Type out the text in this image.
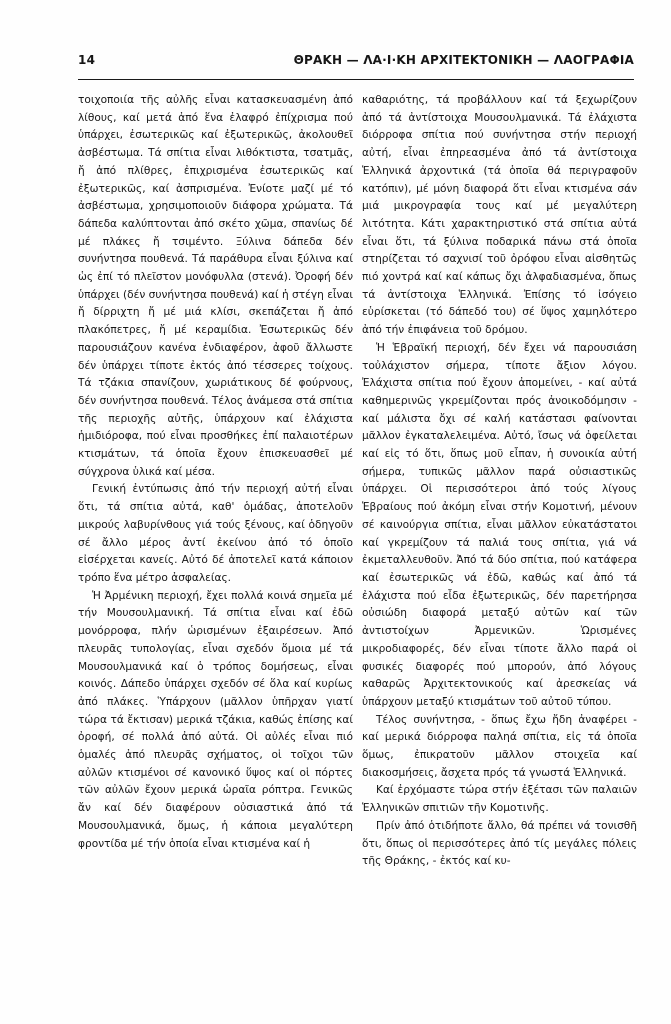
14	ΘΡΑΚΗ — ΛΑ·Ι·ΚΗ ΑΡΧΙΤΕΚΤΟΝΙΚΗ — ΛΑΟΓΡΑΦΙΑ

τοιχοποιία τῆς αὐλῆς εἶναι κατασκευασμένη ἀπό λίθους, καί μετά ἀπό ἕνα ἐλαφρό ἐπίχρισμα πού ὑπάρχει, ἐσωτερικῶς καί ἐξωτερικῶς, ἀκολουθεῖ ἀσβέστωμα. Τά σπίτια εἶναι λιθόκτιστα, τσατμᾶς, ἤ ἀπό πλίθρες, ἐπιχρισμένα ἐσωτερικῶς καί ἐξωτερικῶς, καί ἀσπρισμένα. Ἐνίοτε μαζί μέ τό ἀσβέστωμα, χρησιμοποιοῦν διάφορα χρώματα. Τά δάπεδα καλύπτονται ἀπό σκέτο χῶμα, σπανίως δέ μέ πλάκες ἤ τσιμέντο. Ξύλινα δάπεδα δέν συνήντησα πουθενά. Τά παράθυρα εἶναι ξύλινα καί ὡς ἐπί τό πλεῖστον μονόφυλλα (στενά). Ὀροφή δέν ὑπάρχει (δέν συνήντησα πουθενά) καί ἡ στέγη εἶναι ἤ δίρριχτη ἤ μέ μιά κλίσι, σκεπάζεται ἤ ἀπό πλακόπετρες, ἤ μέ κεραμίδια. Ἐσωτερικῶς δέν παρουσιάζουν κανένα ἐνδιαφέρον, ἀφοῦ ἄλλωστε δέν ὑπάρχει τίποτε ἐκτός ἀπό τέσσερες τοίχους. Τά τζάκια σπανίζουν, χωριάτικους δέ φούρνους, δέν συνήντησα πουθενά. Τέλος ἀνάμεσα στά σπίτια τῆς περιοχῆς αὐτῆς, ὑπάρχουν καί ἐλάχιστα ἡμιδιόροφα, πού εἶναι προσθήκες ἐπί παλαιοτέρων κτισμάτων, τά ὁποῖα ἔχουν ἐπισκευασθεῖ μέ σύγχρονα ὑλικά καί μέσα.

Γενική ἐντύπωσις ἀπό τήν περιοχή αὐτή εἶναι ὅτι, τά σπίτια αὐτά, καθ' ὁμάδας, ἀποτελοῦν μικρούς λαβυρίνθους γιά τούς ξένους, καί ὁδηγοῦν σέ ἄλλο μέρος ἀντί ἐκείνου ἀπό τό ὁποῖο εἰσέρχεται κανείς. Αὐτό δέ ἀποτελεῖ κατά κάποιον τρόπο ἕνα μέτρο ἀσφαλείας.

Ἡ Ἀρμένικη περιοχή, ἔχει πολλά κοινά σημεῖα μέ τήν Μουσουλμανική. Τά σπίτια εἶναι καί ἐδῶ μονόρροφα, πλήν ὡρισμένων ἐξαιρέσεων. Ἀπό πλευρᾶς τυπολογίας, εἶναι σχεδόν ὅμοια μέ τά Μουσουλμανικά καί ὁ τρόπος δομήσεως, εἶναι κοινός. Δάπεδο ὑπάρχει σχεδόν σέ ὅλα καί κυρίως ἀπό πλάκες. Ὑπάρχουν (μᾶλλον ὑπῆρχαν γιατί τώρα τά ἔκτισαν) μερικά τζάκια, καθώς ἐπίσης καί ὀροφή, σέ πολλά ἀπό αὐτά. Οἱ αὐλές εἶναι πιό ὁμαλές ἀπό πλευρᾶς σχήματος, οἱ τοῖχοι τῶν αὐλῶν κτισμένοι σέ κανονικό ὕψος καί οἱ πόρτες τῶν αὐλῶν ἔχουν μερικά ὡραῖα ρόπτρα. Γενικῶς ἄν καί δέν διαφέρουν οὐσιαστικά ἀπό τά Μουσουλμανικά, ὅμως, ἡ κάποια μεγαλύτερη φροντίδα μέ τήν ὁποία εἶναι κτισμένα καί ἡ

καθαριότης, τά προβάλλουν καί τά ξεχωρίζουν ἀπό τά ἀντίστοιχα Μουσουλμανικά. Τά ἐλάχιστα διόρροφα σπίτια πού συνήντησα στήν περιοχή αὐτή, εἶναι ἐπηρεασμένα ἀπό τά ἀντίστοιχα Ἑλληνικά ἀρχοντικά (τά ὁποῖα θά περιγραφοῦν κατόπιν), μέ μόνη διαφορά ὅτι εἶναι κτισμένα σάν μιά μικρογραφία τους καί μέ μεγαλύτερη λιτότητα. Κάτι χαρακτηριστικό στά σπίτια αὐτά εἶναι ὅτι, τά ξύλινα ποδαρικά πάνω στά ὁποῖα στηρίζεται τό σαχνισί τοῦ ὀρόφου εἶναι αἰσθητῶς πιό χοντρά καί καί κάπως ὄχι ἀλφαδιασμένα, ὅπως τά ἀντίστοιχα Ἑλληνικά. Ἐπίσης τό ἰσόγειο εὑρίσκεται (τό δάπεδό του) σέ ὕψος χαμηλότερο ἀπό τήν ἐπιφάνεια τοῦ δρόμου.

Ἡ Ἑβραϊκή περιοχή, δέν ἔχει νά παρουσιάση τοὐλάχιστον σήμερα, τίποτε ἄξιον λόγου. Ἐλάχιστα σπίτια πού ἔχουν ἀπομείνει, - καί αὐτά καθημερινῶς γκρεμίζονται πρός ἀνοικοδόμησιν - καί μάλιστα ὄχι σέ καλή κατάστασι φαίνονται μᾶλλον ἐγκαταλελειμένα. Αὐτό, ἴσως νά ὀφείλεται καί εἰς τό ὅτι, ὅπως μοῦ εἶπαν, ἡ συνοικία αὐτή σήμερα, τυπικῶς μᾶλλον παρά οὐσιαστικῶς ὑπάρχει. Οἱ περισσότεροι ἀπό τούς λίγους Ἑβραίους πού ἀκόμη εἶναι στήν Κομοτινή, μένουν σέ καινούργια σπίτια, εἶναι μᾶλλον εὐκατάστατοι καί γκρεμίζουν τά παλιά τους σπίτια, γιά νά ἐκμεταλλευθοῦν. Ἀπό τά δύο σπίτια, πού κατάφερα καί ἐσωτερικῶς νά ἐδῶ, καθώς καί ἀπό τά ἐλάχιστα πού εἶδα ἐξωτερικῶς, δέν παρετήρησα οὐσιώδη διαφορά μεταξύ αὐτῶν καί τῶν ἀντιστοίχων Ἀρμενικῶν. Ὡρισμένες μικροδιαφορές, δέν εἶναι τίποτε ἄλλο παρά οἱ φυσικές διαφορές πού μπορούν, ἀπό λόγους καθαρῶς Ἀρχιτεκτονικούς καί ἀρεσκείας νά ὑπάρχουν μεταξύ κτισμάτων τοῦ αὐτοῦ τύπου.

Τέλος συνήντησα, - ὅπως ἔχω ἤδη ἀναφέρει - καί μερικά διόρροφα παληά σπίτια, εἰς τά ὁποῖα ὅμως, ἐπικρατοῦν μᾶλλον στοιχεῖα καί διακοσμήσεις, ἄσχετα πρός τά γνωστά Ἑλληνικά.

Καί ἐρχόμαστε τώρα στήν ἐξέτασι τῶν παλαιῶν Ἑλληνικῶν σπιτιῶν τῆν Κομοτινῆς.

Πρίν ἀπό ὁτιδήποτε ἄλλο, θά πρέπει νά τονισθῆ ὅτι, ὅπως οἱ περισσότερες ἀπό τίς μεγάλες πόλεις τῆς Θράκης, - ἐκτός καί κυ-
